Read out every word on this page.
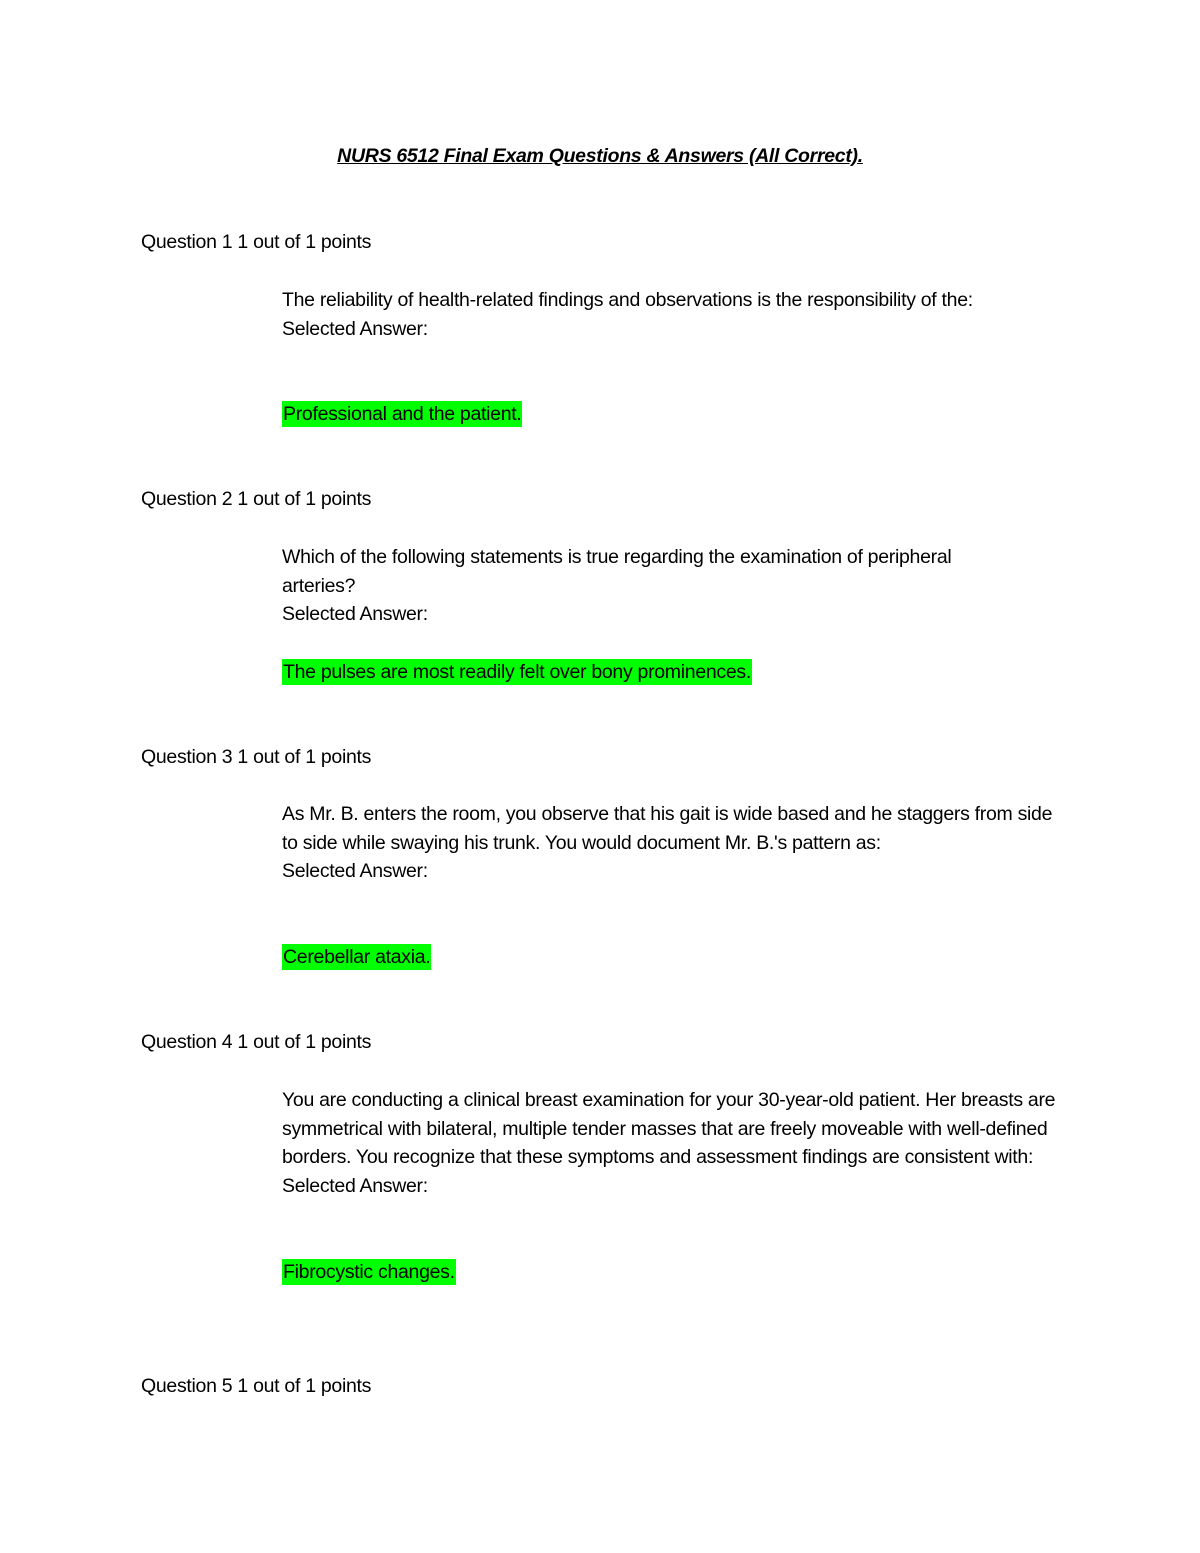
NURS 6512 Final Exam Questions & Answers (All Correct).
Question 1 1 out of 1 points
The reliability of health-related findings and observations is the responsibility of the:
Selected Answer:
Professional and the patient.
Question 2 1 out of 1 points
Which of the following statements is true regarding the examination of peripheral arteries?
Selected Answer:
The pulses are most readily felt over bony prominences.
Question 3 1 out of 1 points
As Mr. B. enters the room, you observe that his gait is wide based and he staggers from side to side while swaying his trunk. You would document Mr. B.'s pattern as:
Selected Answer:
Cerebellar ataxia.
Question 4 1 out of 1 points
You are conducting a clinical breast examination for your 30-year-old patient. Her breasts are symmetrical with bilateral, multiple tender masses that are freely moveable with well-defined borders. You recognize that these symptoms and assessment findings are consistent with:
Selected Answer:
Fibrocystic changes.
Question 5 1 out of 1 points
